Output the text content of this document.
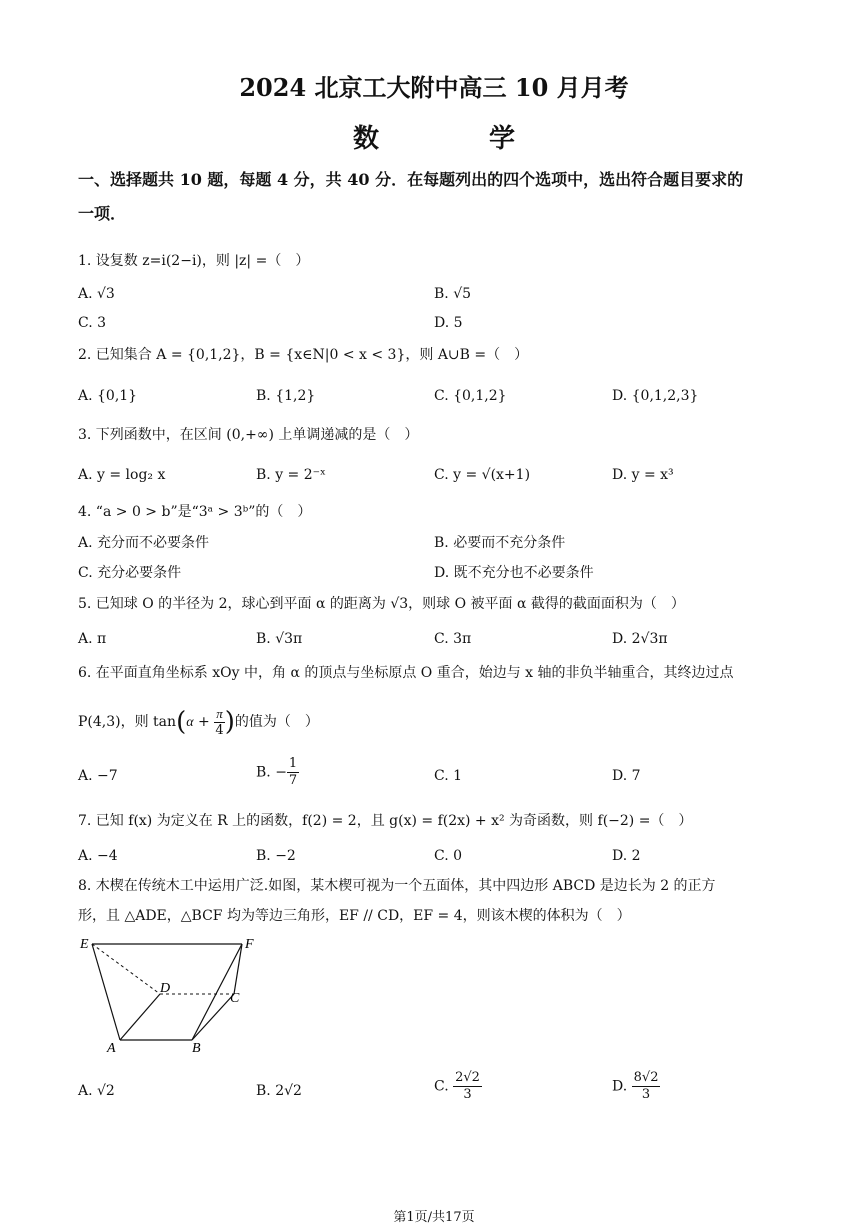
2024 北京工大附中高三 10 月月考
数　学
一、选择题共 10 题，每题 4 分，共 40 分．在每题列出的四个选项中，选出符合题目要求的
一项．
1. 设复数 z=i(2−i)，则 |z| =（　）
A. √3	B. √5
C. 3	D. 5
2. 已知集合 A = {0,1,2}，B = {x∈N|0 < x < 3}，则 A∪B =（　）
A. {0,1}	B. {1,2}	C. {0,1,2}	D. {0,1,2,3}
3. 下列函数中，在区间 (0,+∞) 上单调递减的是（　）
A. y = log₂ x	B. y = 2⁻ˣ	C. y = √(x+1)	D. y = x³
4. “a > 0 > b”是“3ᵃ > 3ᵇ”的（　）
A. 充分而不必要条件	B. 必要而不充分条件
C. 充分必要条件	D. 既不充分也不必要条件
5. 已知球 O 的半径为 2，球心到平面 α 的距离为 √3，则球 O 被平面 α 截得的截面面积为（　）
A. π	B. √3π	C. 3π	D. 2√3π
6. 在平面直角坐标系 xOy 中，角 α 的顶点与坐标原点 O 重合，始边与 x 轴的非负半轴重合，其终边过点
P(4,3)，则 $\tan(\alpha + \frac{\pi}{4}$ )的值为（　）
A. −7	B. − $\frac{1}{7}$	C. 1	D. 7
7. 已知 f(x) 为定义在 R 上的函数，f(2) = 2，且 g(x) = f(2x) + x² 为奇函数，则 f(−2) =（　）
A. −4	B. −2	C. 0	D. 2
8. 木楔在传统木工中运用广泛.如图，某木楔可视为一个五面体，其中四边形 ABCD 是边长为 2 的正方
形，且 △ADE，△BCF 均为等边三角形，EF // CD，EF = 4，则该木楔的体积为（　）
E	F
D
C
A	B
A. √2	B. 2√2	C. $\frac{2√2}{3}$	D. $\frac{8√2}{3}$
第1页/共17页
